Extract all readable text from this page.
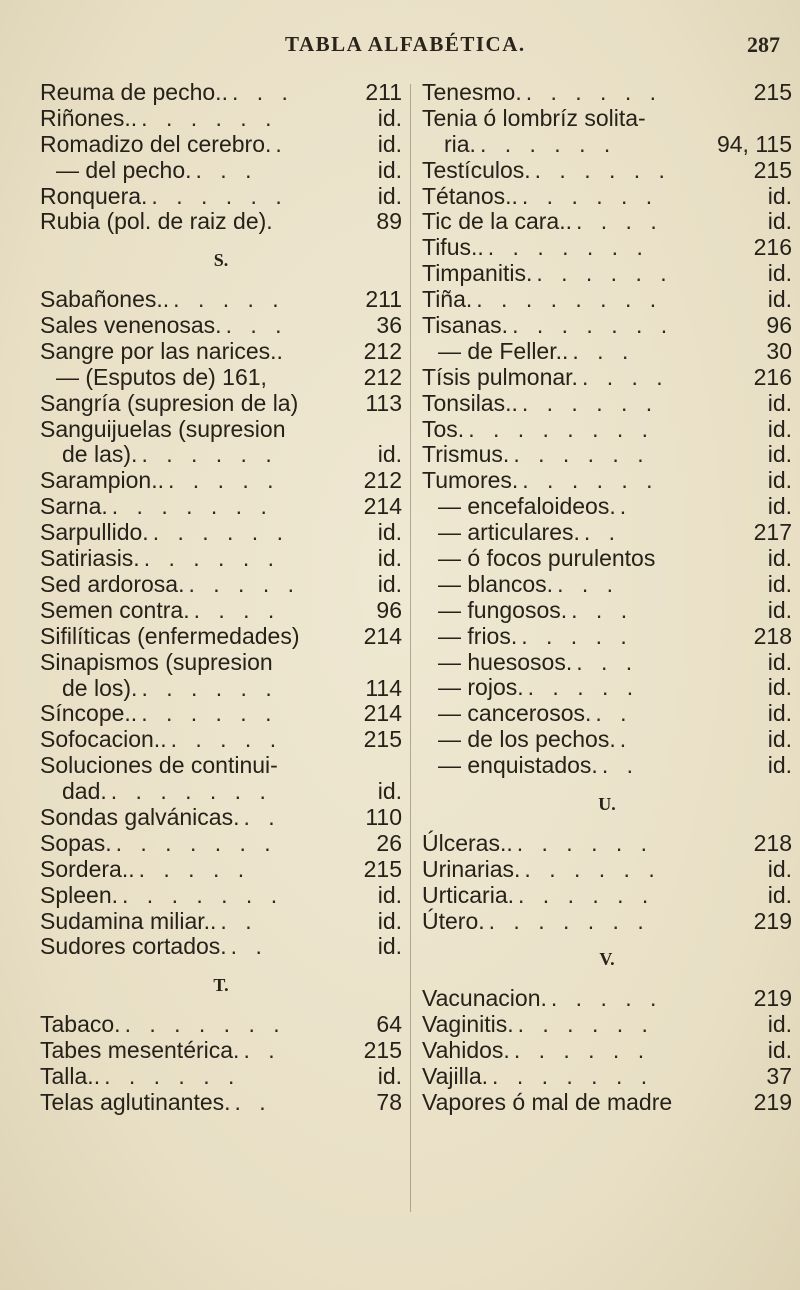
TABLA ALFABÉTICA.	287
Reuma de pecho.. . . .	211
Riñones.. . . . . . .	id.
Romadizo del cerebro. .	id.
— del pecho. . . .	id.
Ronquera. . . . . . .	id.
Rubia (pol. de raiz de).	89
S.
Sabañones.. . . . . .	211
Sales venenosas. . . .	36
Sangre por las narices..	212
— (Esputos de) 161,	212
Sangría (supresion de la)	113
Sanguijuelas (supresion
de las). . . . . . .	id.
Sarampion.. . . . . .	212
Sarna. . . . . . . .	214
Sarpullido. . . . . . .	id.
Satiriasis. . . . . . .	id.
Sed ardorosa. . . . . .	id.
Semen contra. . . . .	96
Sifilíticas (enfermedades)	214
Sinapismos (supresion
de los). . . . . . .	114
Síncope.. . . . . . .	214
Sofocacion.. . . . . .	215
Soluciones de continui-
dad. . . . . . . .	id.
Sondas galvánicas. . .	110
Sopas. . . . . . . .	26
Sordera.. . . . . .	215
Spleen. . . . . . . .	id.
Sudamina miliar.. . .	id.
Sudores cortados. . .	id.
T.
Tabaco. . . . . . . .	64
Tabes mesentérica. . .	215
Talla.. . . . . . .	id.
Telas aglutinantes. . .	78
Tenesmo. . . . . . .	215
Tenia ó lombríz solita-
ria. . . . . . .	94, 115
Testículos. . . . . . .	215
Tétanos.. . . . . . .	id.
Tic de la cara.. . . . .	id.
Tifus.. . . . . . . .	216
Timpanitis. . . . . . .	id.
Tiña. . . . . . . . .	id.
Tisanas. . . . . . . .	96
— de Feller.. . . .	30
Tísis pulmonar. . . . .	216
Tonsilas.. . . . . . .	id.
Tos. . . . . . . . .	id.
Trismus. . . . . . .	id.
Tumores. . . . . . .	id.
— encefaloideos. .	id.
— articulares. . .	217
— ó focos purulentos	id.
— blancos. . . .	id.
— fungosos. . . .	id.
— frios. . . . . .	218
— huesosos. . . .	id.
— rojos. . . . . .	id.
— cancerosos. . .	id.
— de los pechos. .	id.
— enquistados. . .	id.
U.
Úlceras.. . . . . . .	218
Urinarias. . . . . . .	id.
Urticaria. . . . . . .	id.
Útero. . . . . . . .	219
V.
Vacunacion. . . . . .	219
Vaginitis. . . . . . .	id.
Vahidos. . . . . . .	id.
Vajilla. . . . . . . .	37
Vapores ó mal de madre	219
